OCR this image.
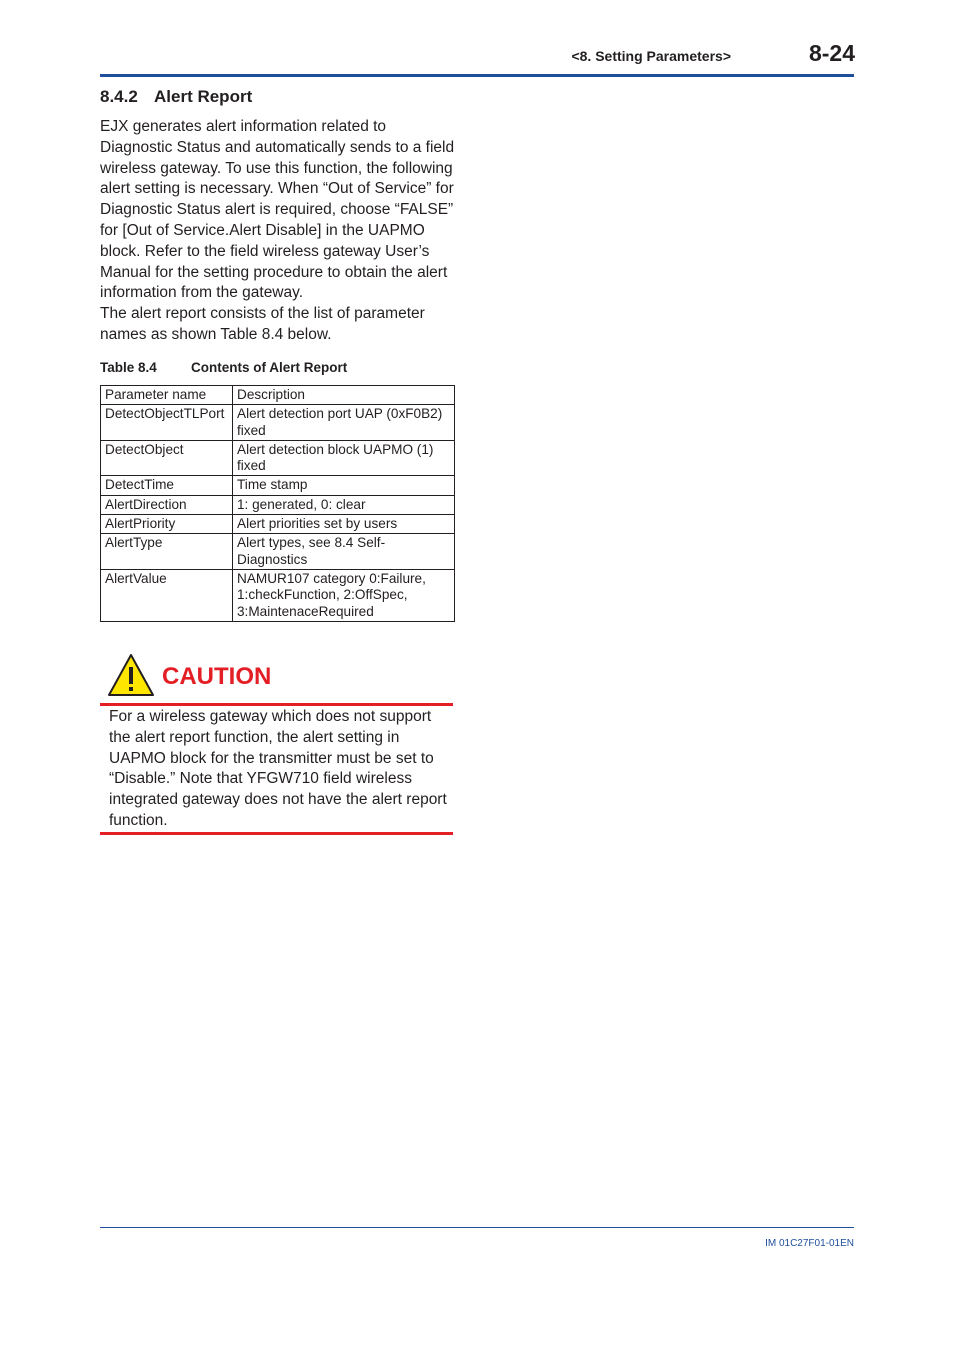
<8. Setting Parameters>	8-24
8.4.2 Alert Report

EJX generates alert information related to Diagnostic Status and automatically sends to a field wireless gateway. To use this function, the following alert setting is necessary. When “Out of Service” for Diagnostic Status alert is required, choose “FALSE” for [Out of Service.Alert Disable] in the UAPMO block. Refer to the field wireless gateway User’s Manual for the setting procedure to obtain the alert information from the gateway.

The alert report consists of the list of parameter names as shown Table 8.4 below.

Table 8.4	Contents of Alert Report
Parameter name	Description
DetectObjectTLPort	Alert detection port UAP (0xF0B2) fixed
DetectObject	Alert detection block UAPMO (1) fixed
DetectTime	Time stamp
AlertDirection	1: generated, 0: clear
AlertPriority	Alert priorities set by users
AlertType	Alert types, see 8.4 Self-Diagnostics
AlertValue	NAMUR107 category 0:Failure, 1:checkFunction, 2:OffSpec, 3:MaintenaceRequired
CAUTION
For a wireless gateway which does not support the alert report function, the alert setting in UAPMO block for the transmitter must be set to “Disable.” Note that YFGW710 field wireless integrated gateway does not have the alert report function.
IM 01C27F01-01EN
